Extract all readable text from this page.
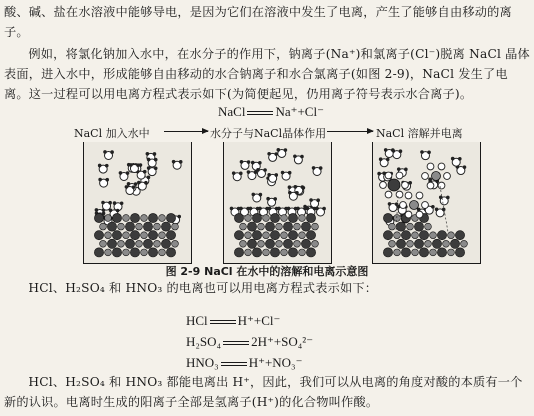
酸、碱、盐在水溶液中能够导电，是因为它们在溶液中发生了电离，产生了能够自由移动的离子。

例如，将氯化钠加入水中，在水分子的作用下，钠离子(Na⁺)和氯离子(Cl⁻)脱离 NaCl 晶体表面，进入水中，形成能够自由移动的水合钠离子和水合氯离子(如图 2-9)，NaCl 发生了电离。这一过程可以用电离方程式表示如下(为简便起见，仍用离子符号表示水合离子)。

NaCl Na⁺+Cl⁻
NaCl 加入水中	水分子与NaCl晶体作用	NaCl 溶解并电离
图 2-9 NaCl 在水中的溶解和电离示意图

HCl、H₂SO₄ 和 HNO₃ 的电离也可以用电离方程式表示如下：

HCl H⁺+Cl⁻
H₂SO₄ 2H⁺+SO₄²⁻
HNO₃ H⁺+NO₃⁻

HCl、H₂SO₄ 和 HNO₃ 都能电离出 H⁺，因此，我们可以从电离的角度对酸的本质有一个新的认识。电离时生成的阳离子全部是氢离子(H⁺)的化合物叫作酸。
